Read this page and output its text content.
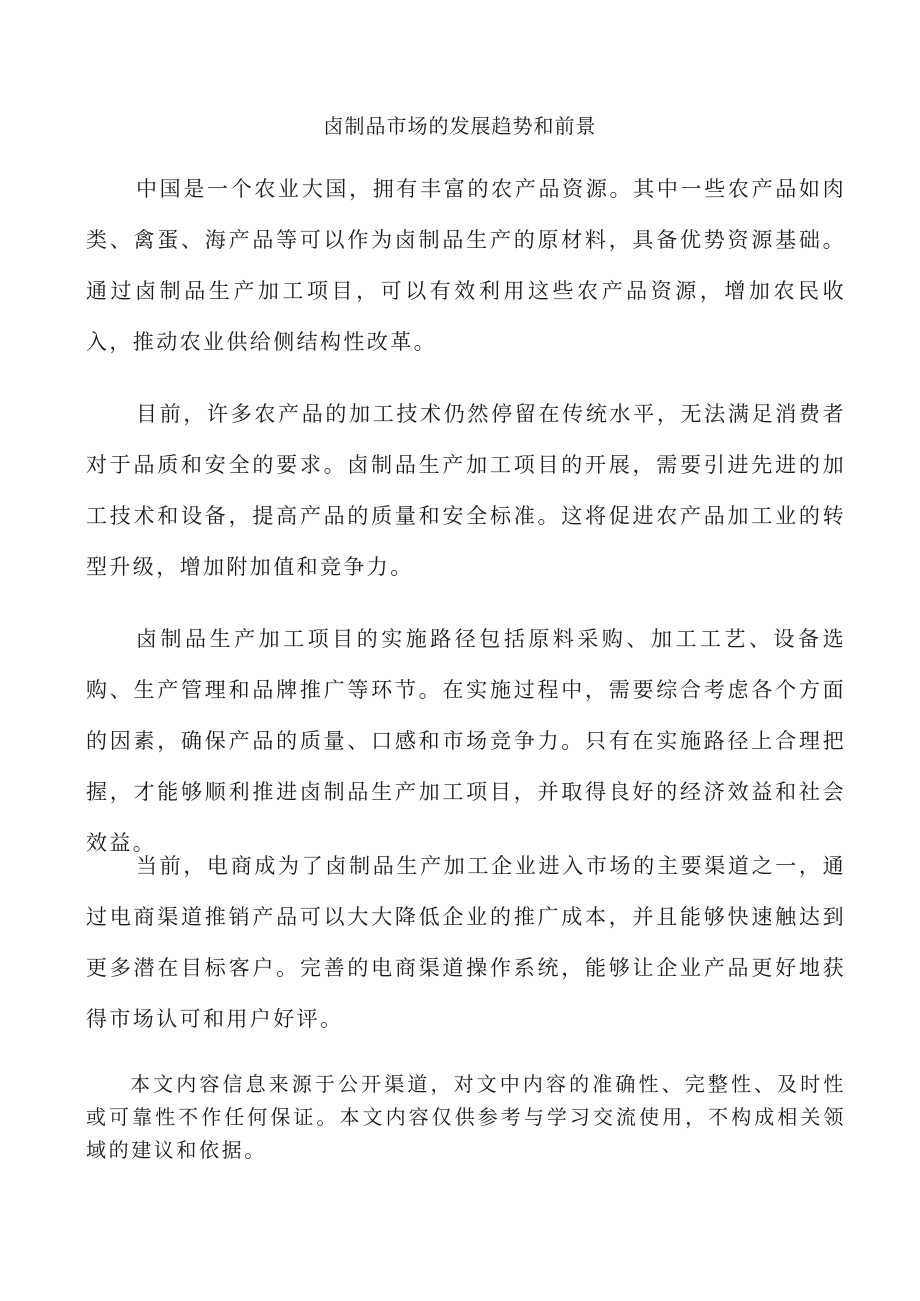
卤制品市场的发展趋势和前景

中国是一个农业大国，拥有丰富的农产品资源。其中一些农产品如肉类、禽蛋、海产品等可以作为卤制品生产的原材料，具备优势资源基础。通过卤制品生产加工项目，可以有效利用这些农产品资源，增加农民收入，推动农业供给侧结构性改革。

目前，许多农产品的加工技术仍然停留在传统水平，无法满足消费者对于品质和安全的要求。卤制品生产加工项目的开展，需要引进先进的加工技术和设备，提高产品的质量和安全标准。这将促进农产品加工业的转型升级，增加附加值和竞争力。

卤制品生产加工项目的实施路径包括原料采购、加工工艺、设备选购、生产管理和品牌推广等环节。在实施过程中，需要综合考虑各个方面的因素，确保产品的质量、口感和市场竞争力。只有在实施路径上合理把握，才能够顺利推进卤制品生产加工项目，并取得良好的经济效益和社会效益。

当前，电商成为了卤制品生产加工企业进入市场的主要渠道之一，通过电商渠道推销产品可以大大降低企业的推广成本，并且能够快速触达到更多潜在目标客户。完善的电商渠道操作系统，能够让企业产品更好地获得市场认可和用户好评。

本文内容信息来源于公开渠道，对文中内容的准确性、完整性、及时性或可靠性不作任何保证。本文内容仅供参考与学习交流使用，不构成相关领域的建议和依据。
